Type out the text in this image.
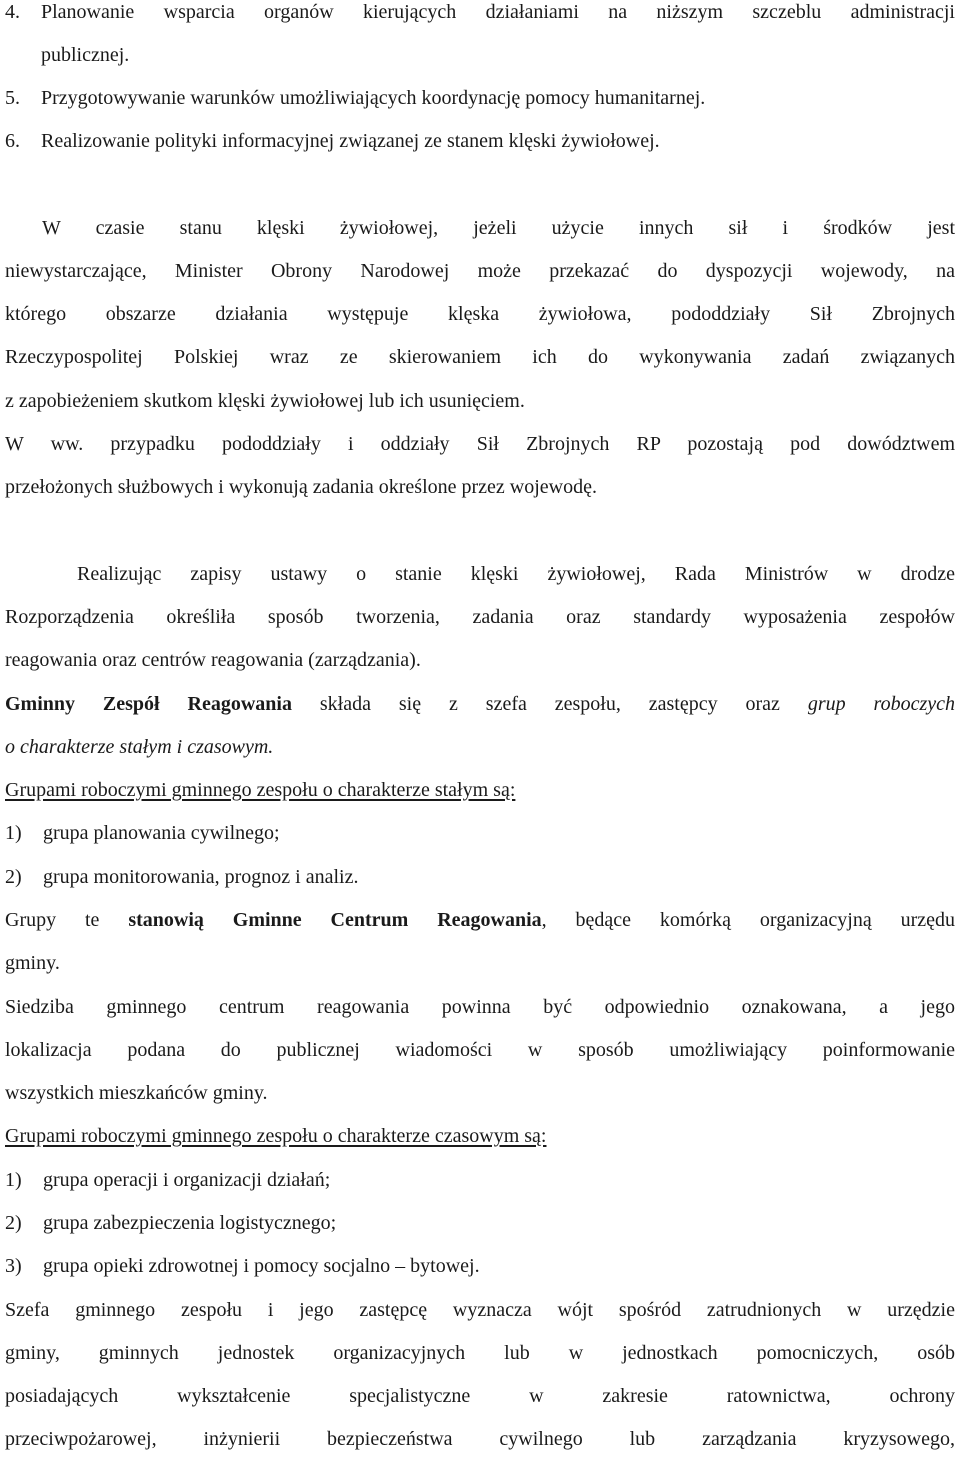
4. Planowanie wsparcia organów kierujących działaniami na niższym szczeblu administracji
publicznej.
5. Przygotowywanie warunków umożliwiających koordynację pomocy humanitarnej.
6. Realizowanie polityki informacyjnej związanej ze stanem klęski żywiołowej.
W czasie stanu klęski żywiołowej, jeżeli użycie innych sił i środków jest
niewystarczające, Minister Obrony Narodowej może przekazać do dyspozycji wojewody, na
którego obszarze działania występuje klęska żywiołowa, pododdziały Sił Zbrojnych
Rzeczypospolitej Polskiej wraz ze skierowaniem ich do wykonywania zadań związanych
z zapobieżeniem skutkom klęski żywiołowej lub ich usunięciem.
W ww. przypadku pododdziały i oddziały Sił Zbrojnych RP pozostają pod dowództwem
przełożonych służbowych i wykonują zadania określone przez wojewodę.
Realizując zapisy ustawy o stanie klęski żywiołowej, Rada Ministrów w drodze
Rozporządzenia określiła sposób tworzenia, zadania oraz standardy wyposażenia zespołów
reagowania oraz centrów reagowania (zarządzania).
Gminny Zespół Reagowania składa się z szefa zespołu, zastępcy oraz grup roboczych
o charakterze stałym i czasowym.
Grupami roboczymi gminnego zespołu o charakterze stałym są:
1) grupa planowania cywilnego;
2) grupa monitorowania, prognoz i analiz.
Grupy te stanowią Gminne Centrum Reagowania, będące komórką organizacyjną urzędu
gminy.
Siedziba gminnego centrum reagowania powinna być odpowiednio oznakowana, a jego
lokalizacja podana do publicznej wiadomości w sposób umożliwiający poinformowanie
wszystkich mieszkańców gminy.
Grupami roboczymi gminnego zespołu o charakterze czasowym są:
1) grupa operacji i organizacji działań;
2) grupa zabezpieczenia logistycznego;
3) grupa opieki zdrowotnej i pomocy socjalno – bytowej.
Szefa gminnego zespołu i jego zastępcę wyznacza wójt spośród zatrudnionych w urzędzie
gminy, gminnych jednostek organizacyjnych lub w jednostkach pomocniczych, osób
posiadających wykształcenie specjalistyczne w zakresie ratownictwa, ochrony
przeciwpożarowej, inżynierii bezpieczeństwa cywilnego lub zarządzania kryzysowego,
